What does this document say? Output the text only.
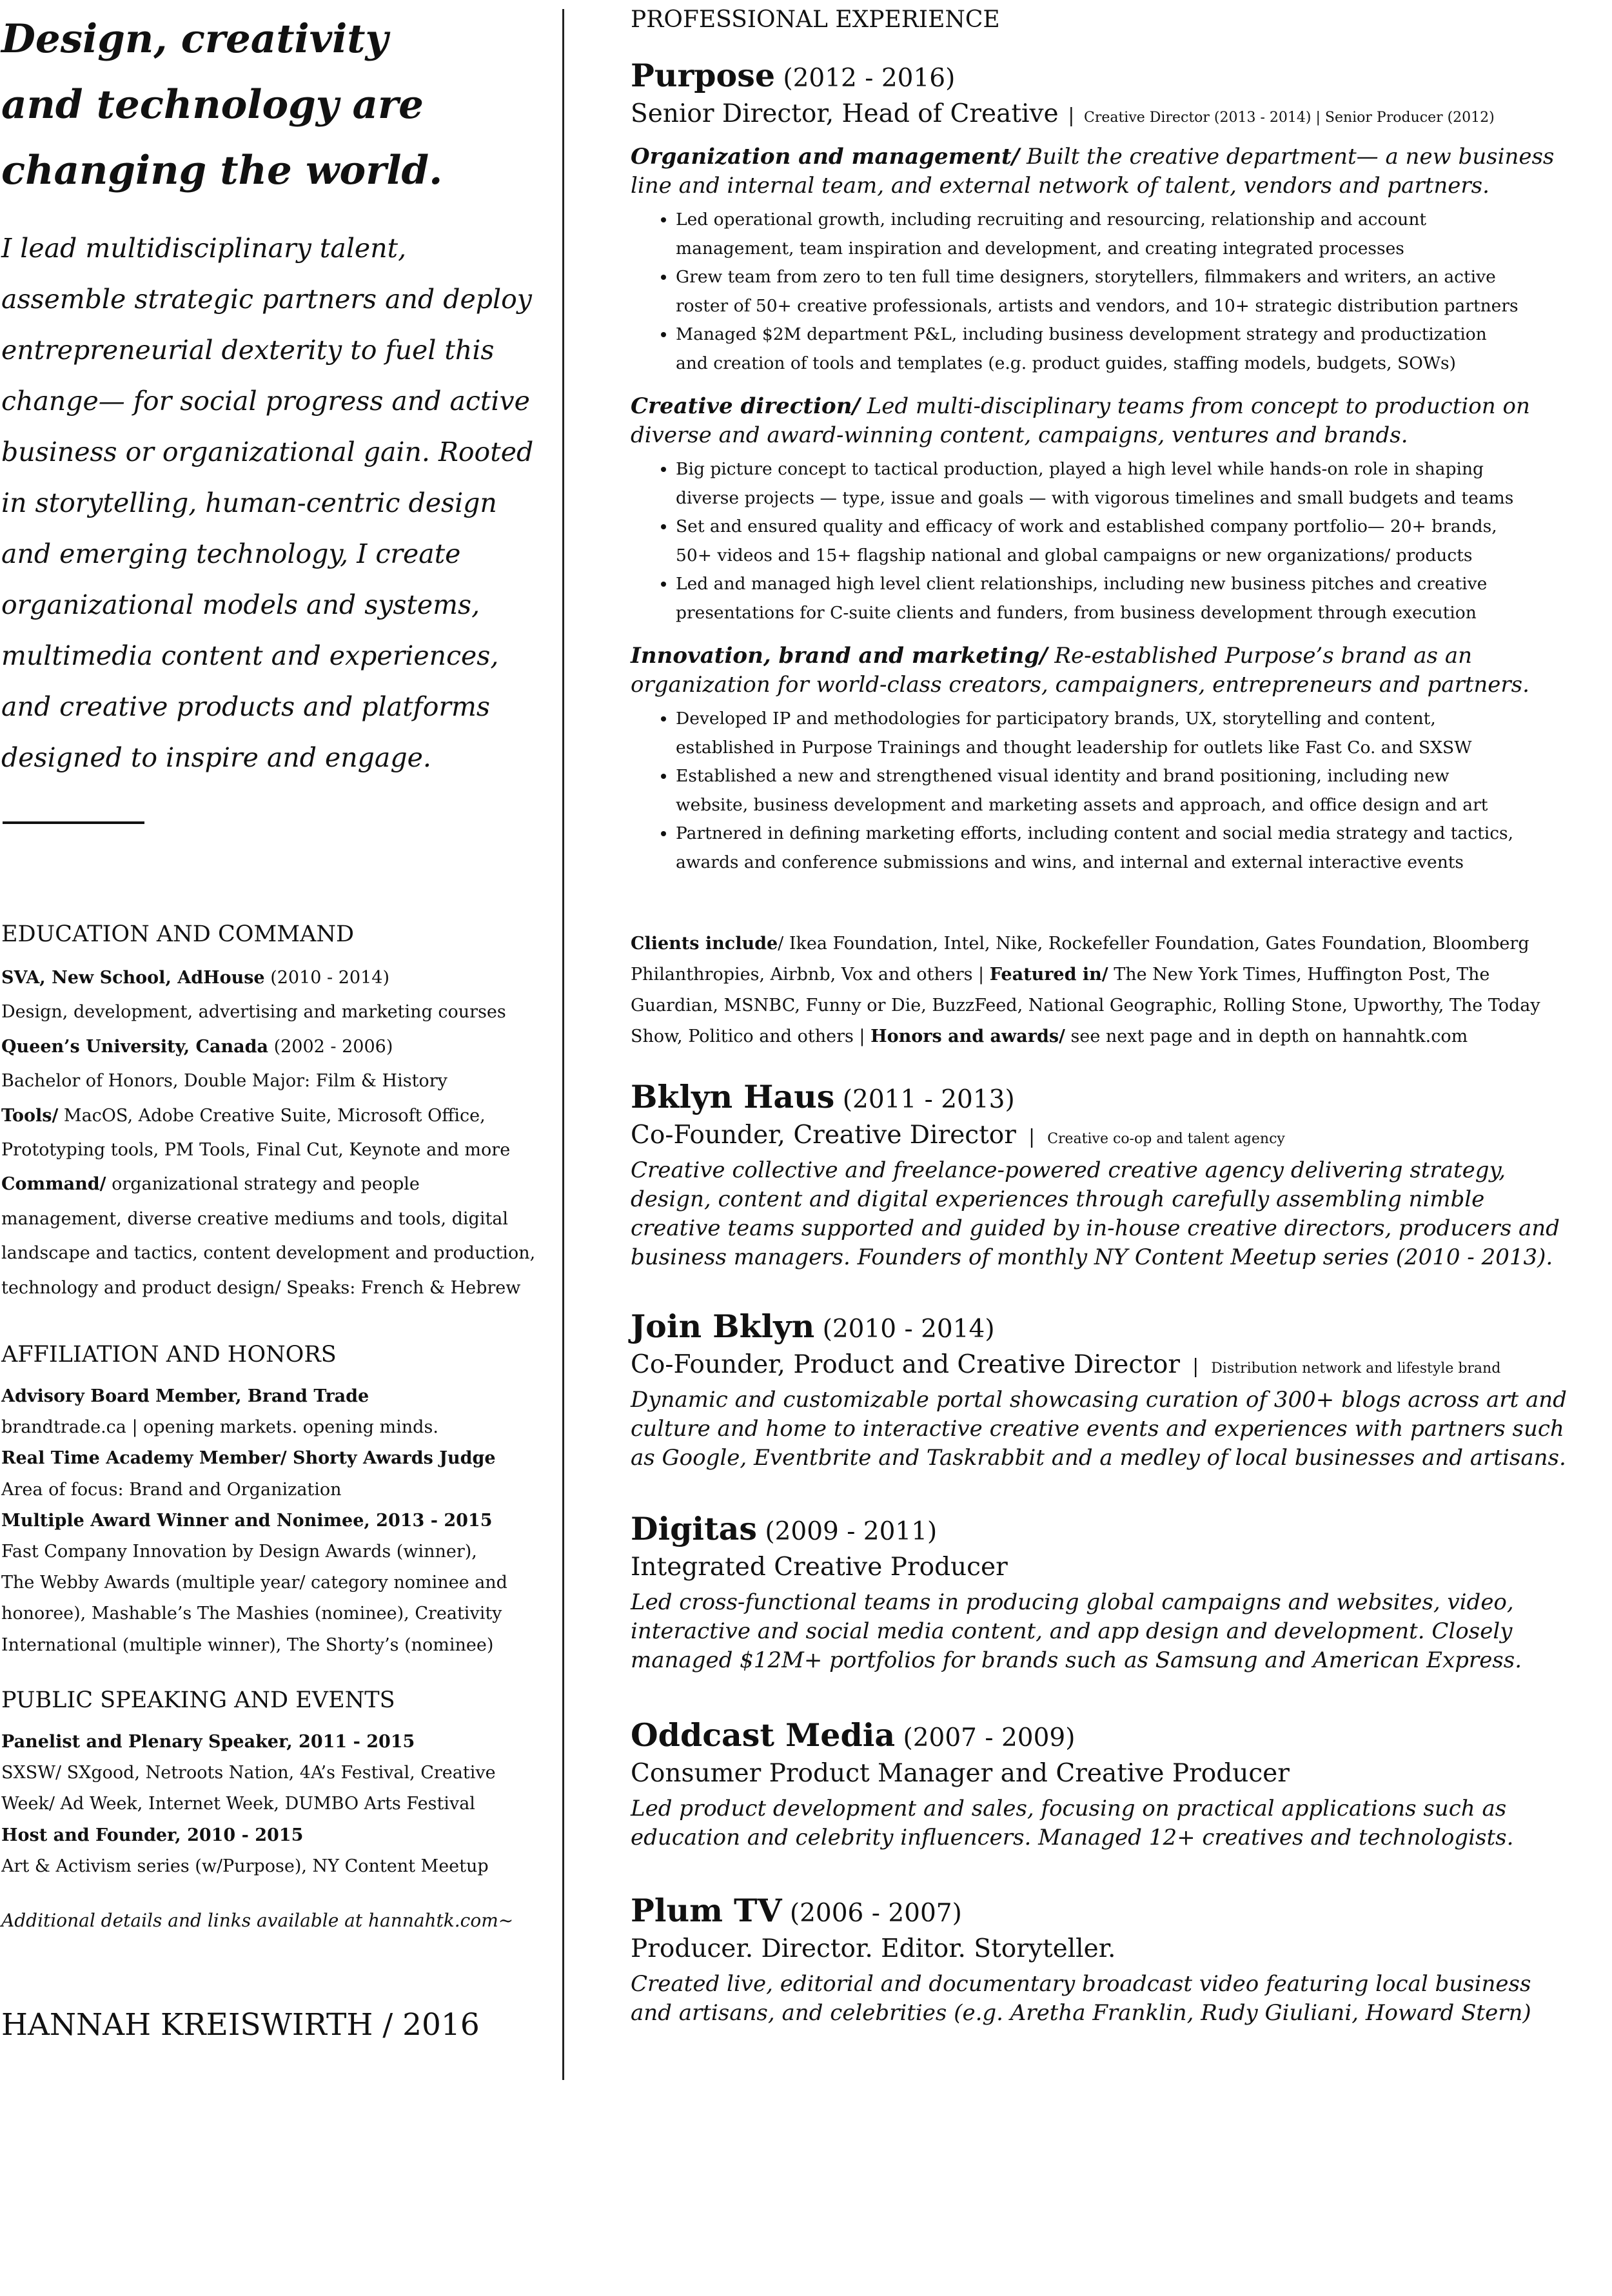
Design, creativity
and technology are
changing the world.
I lead multidisciplinary talent,
assemble strategic partners and deploy
entrepreneurial dexterity to fuel this
change— for social progress and active
business or organizational gain. Rooted
in storytelling, human-centric design
and emerging technology, I create
organizational models and systems,
multimedia content and experiences,
and creative products and platforms
designed to inspire and engage.
EDUCATION AND COMMAND
SVA, New School, AdHouse (2010 - 2014)
Design, development, advertising and marketing courses
Queen’s University, Canada (2002 - 2006)
Bachelor of Honors, Double Major: Film & History
Tools/ MacOS, Adobe Creative Suite, Microsoft Office,
Prototyping tools, PM Tools, Final Cut, Keynote and more
Command/ organizational strategy and people
management, diverse creative mediums and tools, digital
landscape and tactics, content development and production,
technology and product design/ Speaks: French & Hebrew
AFFILIATION AND HONORS
Advisory Board Member, Brand Trade
brandtrade.ca | opening markets. opening minds.
Real Time Academy Member/ Shorty Awards Judge
Area of focus: Brand and Organization
Multiple Award Winner and Nonimee, 2013 - 2015
Fast Company Innovation by Design Awards (winner),
The Webby Awards (multiple year/ category nominee and
honoree), Mashable’s The Mashies (nominee), Creativity
International (multiple winner), The Shorty’s (nominee)
PUBLIC SPEAKING AND EVENTS
Panelist and Plenary Speaker, 2011 - 2015
SXSW/ SXgood, Netroots Nation, 4A’s Festival, Creative
Week/ Ad Week, Internet Week, DUMBO Arts Festival
Host and Founder, 2010 - 2015
Art & Activism series (w/Purpose), NY Content Meetup
Additional details and links available at hannahtk.com~
HANNAH KREISWIRTH / 2016
PROFESSIONAL EXPERIENCE
Purpose (2012 - 2016)
Senior Director, Head of Creative  |  Creative Director (2013 - 2014) | Senior Producer (2012)
Organization and management/ Built the creative department— a new business
line and internal team, and external network of talent, vendors and partners.
• Led operational growth, including recruiting and resourcing, relationship and account
management, team inspiration and development, and creating integrated processes
• Grew team from zero to ten full time designers, storytellers, filmmakers and writers, an active
roster of 50+ creative professionals, artists and vendors, and 10+ strategic distribution partners
• Managed $2M department P&L, including business development strategy and productization
and creation of tools and templates (e.g. product guides, staffing models, budgets, SOWs)
Creative direction/ Led multi-disciplinary teams from concept to production on
diverse and award-winning content, campaigns, ventures and brands.
• Big picture concept to tactical production, played a high level while hands-on role in shaping
diverse projects — type, issue and goals — with vigorous timelines and small budgets and teams
• Set and ensured quality and efficacy of work and established company portfolio— 20+ brands,
50+ videos and 15+ flagship national and global campaigns or new organizations/ products
• Led and managed high level client relationships, including new business pitches and creative
presentations for C-suite clients and funders, from business development through execution
Innovation, brand and marketing/ Re-established Purpose’s brand as an
organization for world-class creators, campaigners, entrepreneurs and partners.
• Developed IP and methodologies for participatory brands, UX, storytelling and content,
established in Purpose Trainings and thought leadership for outlets like Fast Co. and SXSW
• Established a new and strengthened visual identity and brand positioning, including new
website, business development and marketing assets and approach, and office design and art
• Partnered in defining marketing efforts, including content and social media strategy and tactics,
awards and conference submissions and wins, and internal and external interactive events
Clients include/ Ikea Foundation, Intel, Nike, Rockefeller Foundation, Gates Foundation, Bloomberg
Philanthropies, Airbnb, Vox and others | Featured in/ The New York Times, Huffington Post, The
Guardian, MSNBC, Funny or Die, BuzzFeed, National Geographic, Rolling Stone, Upworthy, The Today
Show, Politico and others | Honors and awards/ see next page and in depth on hannahtk.com
Bklyn Haus (2011 - 2013)
Co-Founder, Creative Director  |  Creative co-op and talent agency
Creative collective and freelance-powered creative agency delivering strategy,
design, content and digital experiences through carefully assembling nimble
creative teams supported and guided by in-house creative directors, producers and
business managers. Founders of monthly NY Content Meetup series (2010 - 2013).
Join Bklyn (2010 - 2014)
Co-Founder, Product and Creative Director  |  Distribution network and lifestyle brand
Dynamic and customizable portal showcasing curation of 300+ blogs across art and
culture and home to interactive creative events and experiences with partners such
as Google, Eventbrite and Taskrabbit and a medley of local businesses and artisans.
Digitas (2009 - 2011)
Integrated Creative Producer
Led cross-functional teams in producing global campaigns and websites, video,
interactive and social media content, and app design and development. Closely
managed $12M+ portfolios for brands such as Samsung and American Express.
Oddcast Media (2007 - 2009)
Consumer Product Manager and Creative Producer
Led product development and sales, focusing on practical applications such as
education and celebrity influencers. Managed 12+ creatives and technologists.
Plum TV (2006 - 2007)
Producer. Director. Editor. Storyteller.
Created live, editorial and documentary broadcast video featuring local business
and artisans, and celebrities (e.g. Aretha Franklin, Rudy Giuliani, Howard Stern)
